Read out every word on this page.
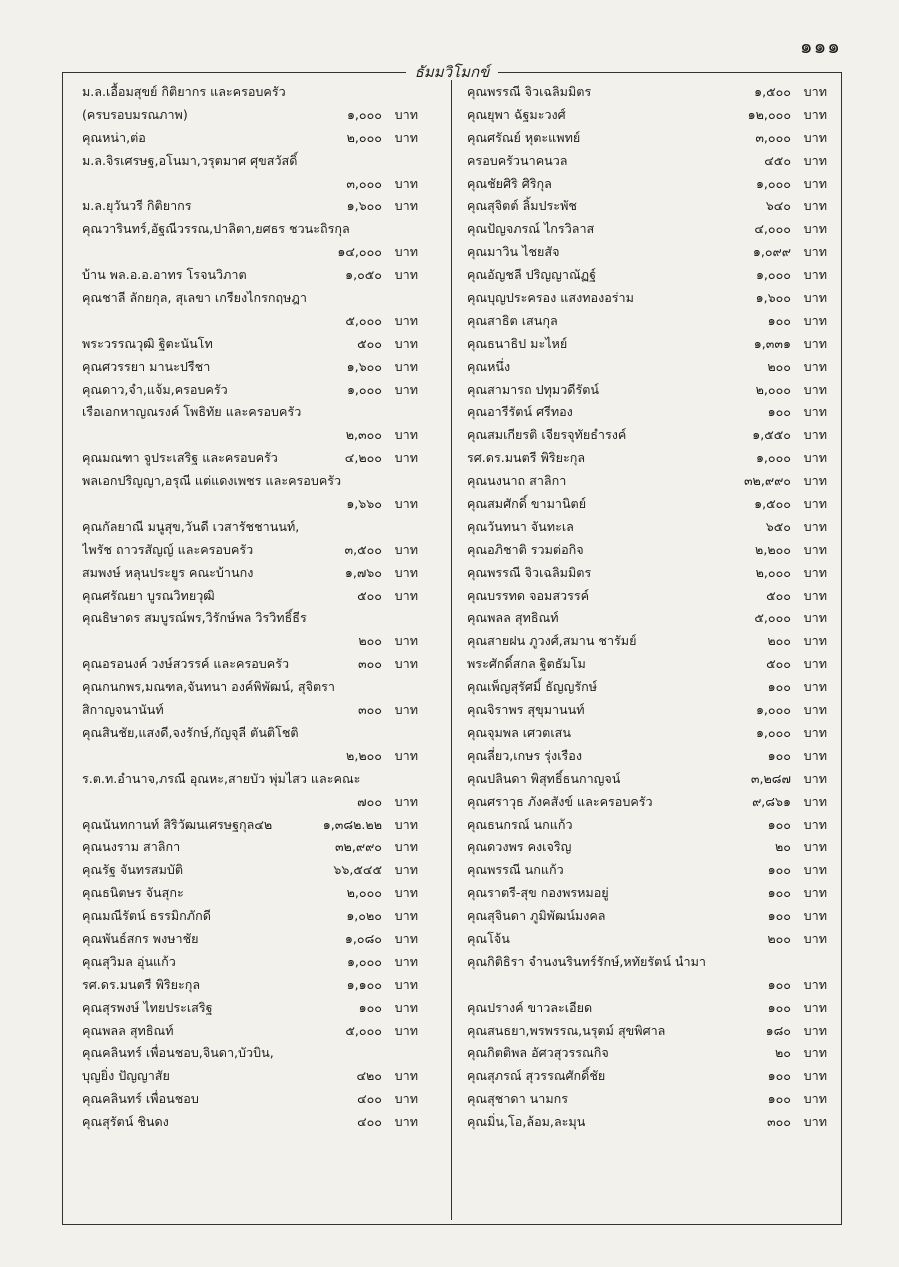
๑๑๑
ธัมมวิโมกข์
ม.ล.เอื้อมสุขย์ กิติยากร และครอบครัว
(ครบรอบมรณภาพ)	๑,๐๐๐	บาท
คุณหน่า,ต่อ	๒,๐๐๐	บาท
ม.ล.จิรเศรษฐ,อโนมา,วรุตมาศ ศุขสวัสดิ์
๓,๐๐๐	บาท
ม.ล.ยุวันวรี กิติยากร	๑,๖๐๐	บาท
คุณวารินทร์,อัฐณีวรรณ,ปาลิตา,ยศธร ชวนะถิรกุล
๑๔,๐๐๐	บาท
บ้าน พล.อ.อ.อาทร โรจนวิภาต	๑,๐๕๐	บาท
คุณชาลี ลักยกุล, สุเลขา เกรียงไกรกฤษฎา
๕,๐๐๐	บาท
พระวรรณวุฒิ ฐิตะนันโท	๕๐๐	บาท
คุณศวรรยา มานะปรีชา	๑,๖๐๐	บาท
คุณดาว,จำ,แจ้ม,ครอบครัว	๑,๐๐๐	บาท
เรือเอกหาญณรงค์ โพธิทัย และครอบครัว
๒,๓๐๐	บาท
คุณมณฑา จูประเสริฐ และครอบครัว	๔,๒๐๐	บาท
พลเอกปริญญา,อรุณี แต่แดงเพชร และครอบครัว
๑,๖๖๐	บาท
คุณกัลยาณี มนูสุข,วันดี เวสารัชชานนท์,
ไพรัช ถาวรสัญญ์ และครอบครัว	๓,๕๐๐	บาท
สมพงษ์ หลุนประยูร คณะบ้านกง	๑,๗๖๐	บาท
คุณศรัณยา บูรณวิทยวุฒิ	๕๐๐	บาท
คุณธิษาดร สมบูรณ์พร,วิรักษ์พล วิรวิทธิ์ธีร
๒๐๐	บาท
คุณอรอนงค์ วงษ์สวรรค์ และครอบครัว	๓๐๐	บาท
คุณกนกพร,มณฑล,จันทนา องค์พิพัฒน์, สุจิตรา
สิกาญจนานันท์	๓๐๐	บาท
คุณสินชัย,แสงดี,จงรักษ์,กัญจุลี ตันติโชติ
๒,๒๐๐	บาท
ร.ต.ท.อำนาจ,ภรณี อุณหะ,สายบัว พุ่มไสว และคณะ
๗๐๐	บาท
คุณนันทกานท์ สิริวัฒนเศรษฐกุล๔๒	๑,๓๘๒.๒๒	บาท
คุณนงราม สาลิกา	๓๒,๙๙๐	บาท
คุณรัฐ จันทรสมบัติ	๖๖,๕๔๕	บาท
คุณธนิตษร จันสุกะ	๒,๐๐๐	บาท
คุณมณีรัตน์ ธรรมิกภักดี	๑,๐๒๐	บาท
คุณพันธ์สกร พงษาชัย	๑,๐๘๐	บาท
คุณสุวิมล อุ่นแก้ว	๑,๐๐๐	บาท
รศ.ดร.มนตรี พิริยะกุล	๑,๑๐๐	บาท
คุณสุรพงษ์ ไทยประเสริฐ	๑๐๐	บาท
คุณพลล สุทธิณท์	๕,๐๐๐	บาท
คุณคลินทร์ เพื่อนชอบ,จินดา,บัวบิน,
บุญยิ่ง ปัญญาสัย	๔๒๐	บาท
คุณคลินทร์ เพื่อนชอบ	๔๐๐	บาท
คุณสุรัตน์ ชินดง	๔๐๐	บาท
คุณพรรณี จิวเฉลิมมิตร	๑,๕๐๐	บาท
คุณยุพา ฉัฐมะวงศ์	๑๒,๐๐๐	บาท
คุณศรัณย์ หุตะแพทย์	๓,๐๐๐	บาท
ครอบครัวนาคนวล	๔๕๐	บาท
คุณชัยศิริ ศิริกุล	๑,๐๐๐	บาท
คุณสุจิตต์ ลิ้มประพัช	๖๔๐	บาท
คุณปัญจภรณ์ ไกรวิลาส	๔,๐๐๐	บาท
คุณมาวิน ไชยสัจ	๑,๐๙๙	บาท
คุณอัญชลี ปริญญาณัฏฐ์	๑,๐๐๐	บาท
คุณบุญประครอง แสงทองอร่าม	๑,๖๐๐	บาท
คุณสาธิต เสนกุล	๑๐๐	บาท
คุณธนาธิป มะไหย์	๑,๓๓๑	บาท
คุณหนึ่ง	๒๐๐	บาท
คุณสามารถ ปทุมวดีรัตน์	๒,๐๐๐	บาท
คุณอารีรัตน์ ศรีทอง	๑๐๐	บาท
คุณสมเกียรติ เจียรจุทัยธำรงค์	๑,๕๕๐	บาท
รศ.ดร.มนตรี พิริยะกุล	๑,๐๐๐	บาท
คุณนงนาถ สาลิกา	๓๒,๙๙๐	บาท
คุณสมศักดิ์ ขามานิตย์	๑,๕๐๐	บาท
คุณวันทนา จันทะเล	๖๕๐	บาท
คุณอภิชาติ รวมต่อกิจ	๒,๒๐๐	บาท
คุณพรรณี จิวเฉลิมมิตร	๒,๐๐๐	บาท
คุณบรรทด จอมสวรรค์	๕๐๐	บาท
คุณพลล สุทธิณท์	๕,๐๐๐	บาท
คุณสายฝน ภูวงศ์,สมาน ชารัมย์	๒๐๐	บาท
พระศักดิ์สกล ฐิตธัมโม	๕๐๐	บาท
คุณเพ็ญสุรัศมิ์ ธัญญรักษ์	๑๐๐	บาท
คุณจิราพร สุขุมานนท์	๑,๐๐๐	บาท
คุณจุมพล เศวตเสน	๑,๐๐๐	บาท
คุณลี่ยว,เกษร รุ่งเรือง	๑๐๐	บาท
คุณปลินดา พิสุทธิ์ธนกาญจน์	๓,๒๘๗	บาท
คุณศราวุธ ภังคสังข์ และครอบครัว	๙,๘๖๑	บาท
คุณธนกรณ์ นกแก้ว	๑๐๐	บาท
คุณดวงพร คงเจริญ	๒๐	บาท
คุณพรรณี นกแก้ว	๑๐๐	บาท
คุณราตรี-สุข กองพรหมอยู่	๑๐๐	บาท
คุณสุจินดา ภูมิพัฒน์มงคล	๑๐๐	บาท
คุณโจ้น	๒๐๐	บาท
คุณกิติธิรา จำนงนรินทร์รักษ์,หทัยรัตน์ นำมา
๑๐๐	บาท
คุณปรางค์ ขาวละเอียด	๑๐๐	บาท
คุณสนธยา,พรพรรณ,นรุตม์ สุขพิศาล	๑๘๐	บาท
คุณกิตติพล อัศวสุวรรณกิจ	๒๐	บาท
คุณสุภรณ์ สุวรรณศักดิ์ชัย	๑๐๐	บาท
คุณสุชาดา นามกร	๑๐๐	บาท
คุณมิ่น,โอ,ล้อม,ละมุน	๓๐๐	บาท
